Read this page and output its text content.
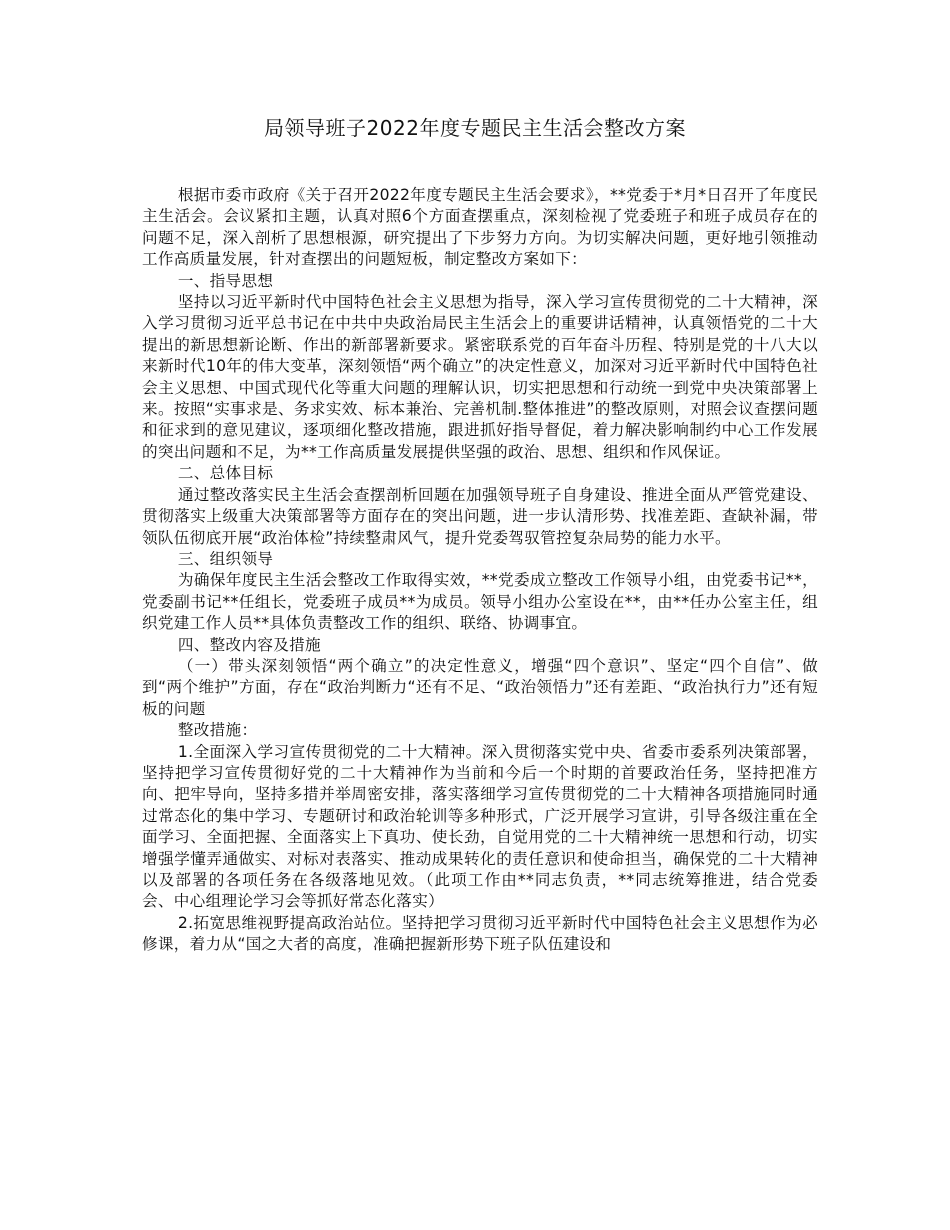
局领导班子2022年度专题民主生活会整改方案

根据市委市政府《关于召开2022年度专题民主生活会要求》，**党委于*月*日召开了年度民主生活会。会议紧扣主题，认真对照6个方面查摆重点，深刻检视了党委班子和班子成员存在的问题不足，深入剖析了思想根源，研究提出了下步努力方向。为切实解决问题，更好地引领推动工作高质量发展，针对查摆出的问题短板，制定整改方案如下：

一、指导思想

坚持以习近平新时代中国特色社会主义思想为指导，深入学习宣传贯彻党的二十大精神，深入学习贯彻习近平总书记在中共中央政治局民主生活会上的重要讲话精神，认真领悟党的二十大提出的新思想新论断、作出的新部署新要求。紧密联系党的百年奋斗历程、特别是党的十八大以来新时代10年的伟大变革，深刻领悟“两个确立”的决定性意义，加深对习近平新时代中国特色社会主义思想、中国式现代化等重大问题的理解认识，切实把思想和行动统一到党中央决策部署上来。按照“实事求是、务求实效、标本兼治、完善机制.整体推进”的整改原则，对照会议查摆问题和征求到的意见建议，逐项细化整改措施，跟进抓好指导督促，着力解决影响制约中心工作发展的突出问题和不足，为**工作高质量发展提供坚强的政治、思想、组织和作风保证。

二、总体目标

通过整改落实民主生活会查摆剖析回题在加强领导班子自身建设、推进全面从严管党建设、贯彻落实上级重大决策部署等方面存在的突出问题，进一步认清形势、找准差距、查缺补漏，带领队伍彻底开展“政治体检”持续整肃风气，提升党委驾驭管控复杂局势的能力水平。

三、组织领导

为确保年度民主生活会整改工作取得实效，**党委成立整改工作领导小组，由党委书记**，党委副书记**任组长，党委班子成员**为成员。领导小组办公室设在**，由**任办公室主任，组织党建工作人员**具体负责整改工作的组织、联络、协调事宜。

四、整改内容及措施

（一）带头深刻领悟“两个确立”的决定性意义，增强“四个意识”、坚定“四个自信”、做到“两个维护”方面，存在“政治判断力“还有不足、“政治领悟力”还有差距、“政治执行力”还有短板的问题

整改措施：

1.全面深入学习宣传贯彻党的二十大精神。深入贯彻落实党中央、省委市委系列决策部署，坚持把学习宣传贯彻好党的二十大精神作为当前和今后一个时期的首要政治任务，坚持把准方向、把牢导向，坚持多措并举周密安排，落实落细学习宣传贯彻党的二十大精神各项措施同时通过常态化的集中学习、专题研讨和政治轮训等多种形式，广泛开展学习宣讲，引导各级注重在全面学习、全面把握、全面落实上下真功、使长劲，自觉用党的二十大精神统一思想和行动，切实增强学懂弄通做实、对标对表落实、推动成果转化的责任意识和使命担当，确保党的二十大精神以及部署的各项任务在各级落地见效。（此项工作由**同志负责，**同志统筹推进，结合党委会、中心组理论学习会等抓好常态化落实）

2.拓宽思维视野提高政治站位。坚持把学习贯彻习近平新时代中国特色社会主义思想作为必修课，着力从“国之大者的高度，准确把握新形势下班子队伍建设和
